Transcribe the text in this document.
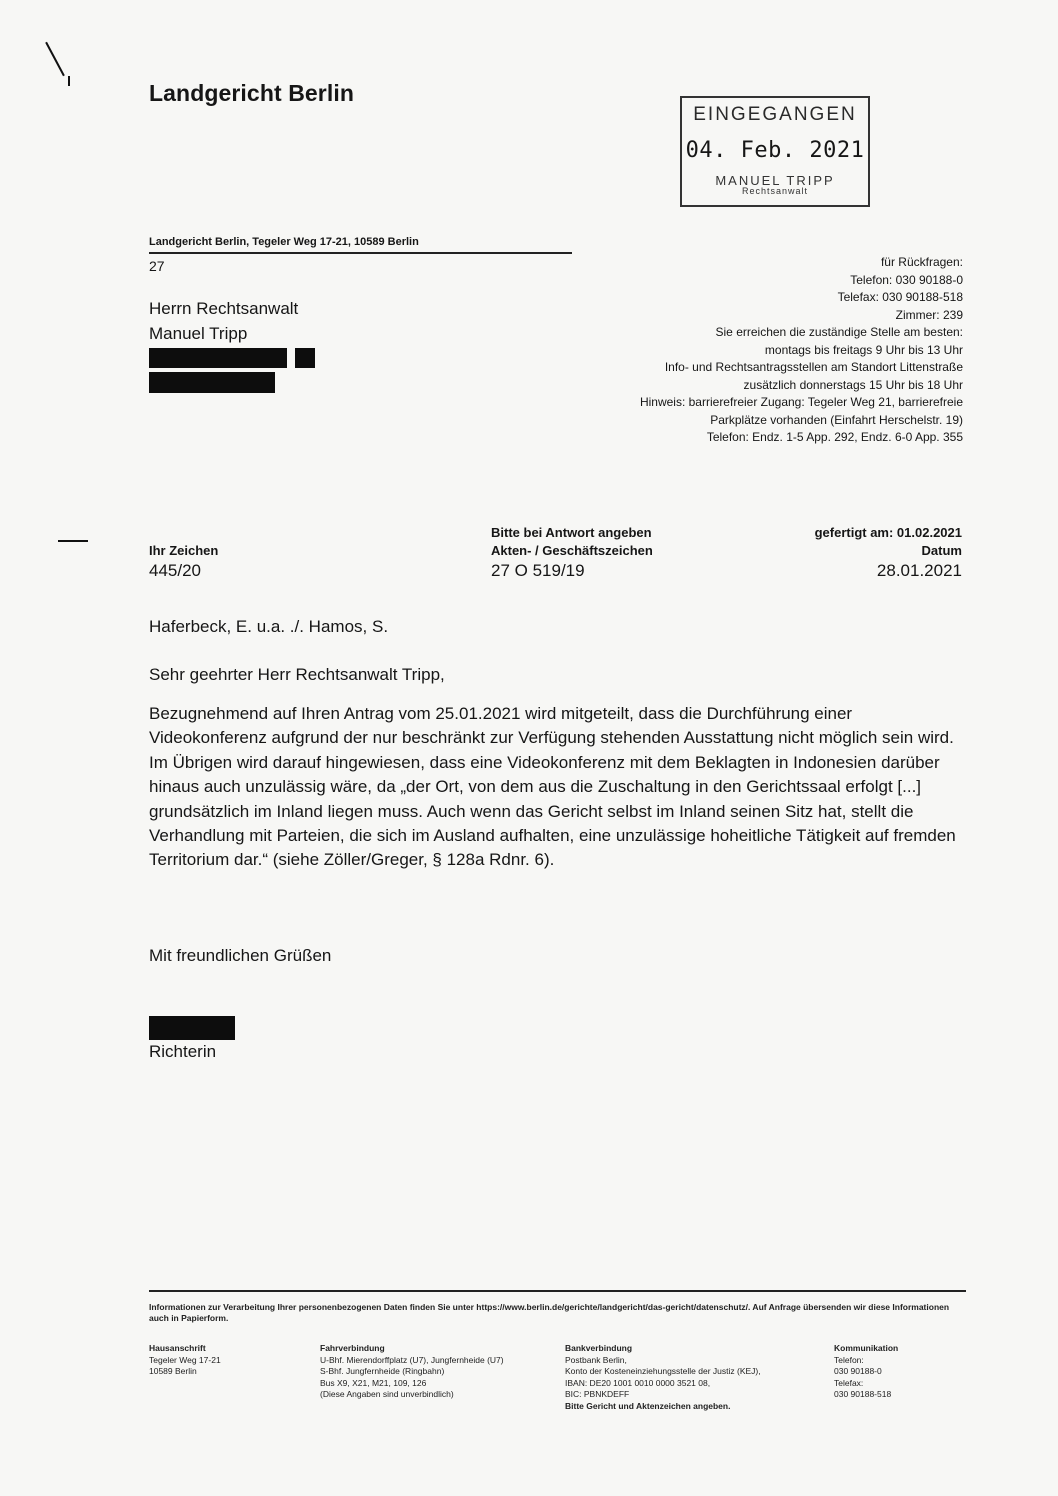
Landgericht Berlin
EINGEGANGEN
04. Feb. 2021
MANUEL TRIPP
Rechtsanwalt
Landgericht Berlin, Tegeler Weg 17-21, 10589 Berlin
27
Herrn Rechtsanwalt
Manuel Tripp
für Rückfragen:
Telefon: 030 90188-0
Telefax: 030 90188-518
Zimmer: 239
Sie erreichen die zuständige Stelle am besten:
montags bis freitags 9 Uhr bis 13 Uhr
Info- und Rechtsantragsstellen am Standort Littenstraße
zusätzlich donnerstags 15 Uhr bis 18 Uhr
Hinweis: barrierefreier Zugang: Tegeler Weg 21, barrierefreie
Parkplätze vorhanden (Einfahrt Herschelstr. 19)
Telefon: Endz. 1-5 App. 292, Endz. 6-0 App. 355
Ihr Zeichen
445/20
Bitte bei Antwort angeben
Akten- / Geschäftszeichen
27 O 519/19
gefertigt am: 01.02.2021
Datum
28.01.2021
Haferbeck, E. u.a. ./. Hamos, S.
Sehr geehrter Herr Rechtsanwalt Tripp,

Bezugnehmend auf Ihren Antrag vom 25.01.2021 wird mitgeteilt, dass die Durchführung einer Videokonferenz aufgrund der nur beschränkt zur Verfügung stehenden Ausstattung nicht möglich sein wird.

Im Übrigen wird darauf hingewiesen, dass eine Videokonferenz mit dem Beklagten in Indonesien darüber hinaus auch unzulässig wäre, da „der Ort, von dem aus die Zuschaltung in den Gerichtssaal erfolgt [...] grundsätzlich im Inland liegen muss. Auch wenn das Gericht selbst im Inland seinen Sitz hat, stellt die Verhandlung mit Parteien, die sich im Ausland aufhalten, eine unzulässige hoheitliche Tätigkeit auf fremden Territorium dar.“ (siehe Zöller/Greger, § 128a Rdnr. 6).

Mit freundlichen Grüßen
Richterin
Informationen zur Verarbeitung Ihrer personenbezogenen Daten finden Sie unter https://www.berlin.de/gerichte/landgericht/das-gericht/datenschutz/. Auf Anfrage übersenden wir diese Informationen auch in Papierform.
Hausanschrift
Tegeler Weg 17-21
10589 Berlin
Fahrverbindung
U-Bhf. Mierendorffplatz (U7), Jungfernheide (U7)
S-Bhf. Jungfernheide (Ringbahn)
Bus X9, X21, M21, 109, 126
(Diese Angaben sind unverbindlich)
Bankverbindung
Postbank Berlin,
Konto der Kosteneinziehungsstelle der Justiz (KEJ),
IBAN: DE20 1001 0010 0000 3521 08,
BIC: PBNKDEFF
Bitte Gericht und Aktenzeichen angeben.
Kommunikation
Telefon:
030 90188-0
Telefax:
030 90188-518
